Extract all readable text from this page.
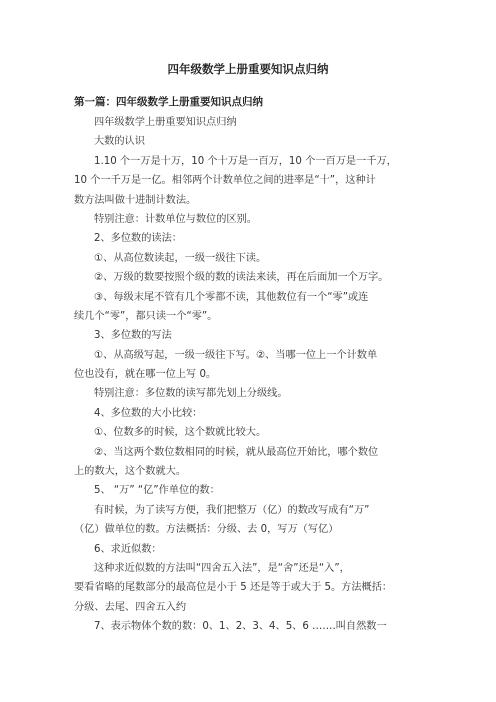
四年级数学上册重要知识点归纳
第一篇：四年级数学上册重要知识点归纳
四年级数学上册重要知识点归纳
大数的认识
1.10 个一万是十万，10 个十万是一百万，10 个一百万是一千万，
10 个一千万是一亿。相邻两个计数单位之间的进率是“十”，这种计
数方法叫做十进制计数法。
特别注意：计数单位与数位的区别。
2、多位数的读法：
①、从高位数读起，一级一级往下读。
②、万级的数要按照个级的数的读法来读，再在后面加一个万字。
③、每级末尾不管有几个零都不读，其他数位有一个“零”或连
续几个“零”，都只读一个“零”。
3、多位数的写法
①、从高级写起，一级一级往下写。②、当哪一位上一个计数单
位也没有，就在哪一位上写 0。
特别注意：多位数的读写都先划上分级线。
4、多位数的大小比较：
①、位数多的时候，这个数就比较大。
②、当这两个数位数相同的时候，就从最高位开始比，哪个数位
上的数大，这个数就大。
5、 “万” “亿”作单位的数：
有时候，为了读写方便，我们把整万（亿）的数改写成有“万”
（亿）做单位的数。方法概括：分级、去 0，写万（写亿）
6、求近似数：
这种求近似数的方法叫“四舍五入法”，是“舍”还是“入”，
要看省略的尾数部分的最高位是小于 5 还是等于或大于 5。方法概括：
分级、去尾、四舍五入约
7、表示物体个数的数：0、1、2、3、4、5、6 …….叫自然数一
